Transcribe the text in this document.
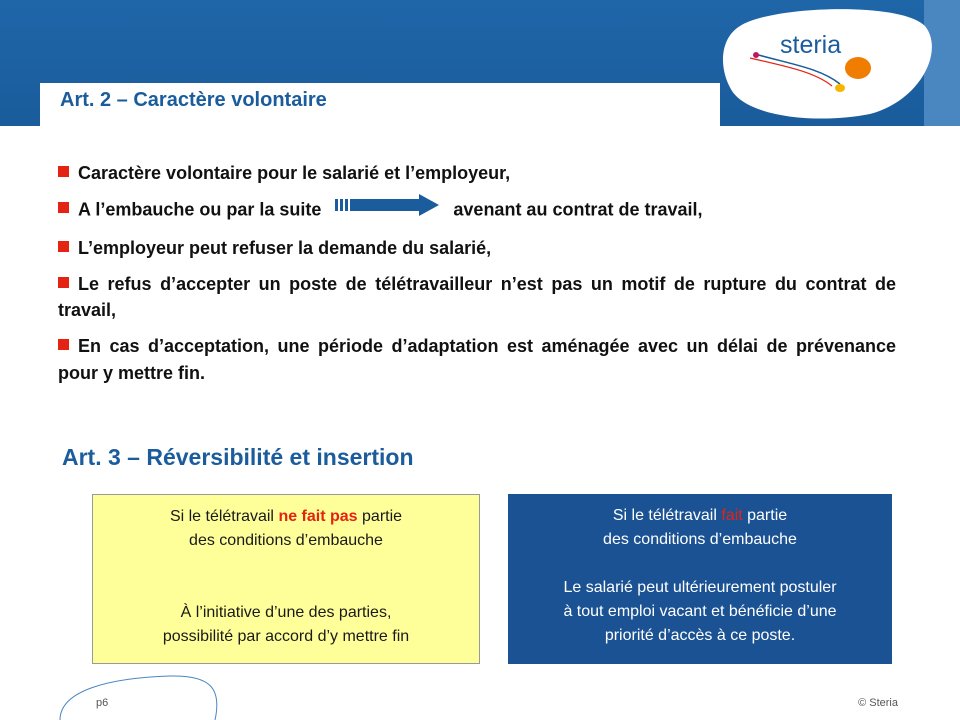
steria
Art. 2 – Caractère volontaire
Caractère volontaire pour le salarié et l’employeur,
A l’embauche ou par la suite	avenant au contrat de travail,
L’employeur peut refuser la demande du salarié,
Le refus d’accepter un poste de télétravailleur n’est pas un motif de rupture du contrat de travail,
En cas d’acceptation, une période d’adaptation est aménagée avec un délai de prévenance pour y mettre fin.
Art. 3 – Réversibilité et insertion
Si le télétravail ne fait pas partie
des conditions d’embauche
À l’initiative d’une des parties,
possibilité par accord d’y mettre fin
Si le télétravail fait partie
des conditions d’embauche
Le salarié peut ultérieurement postuler
à tout emploi vacant et bénéficie d’une
priorité d’accès à ce poste.
p6	© Steria
